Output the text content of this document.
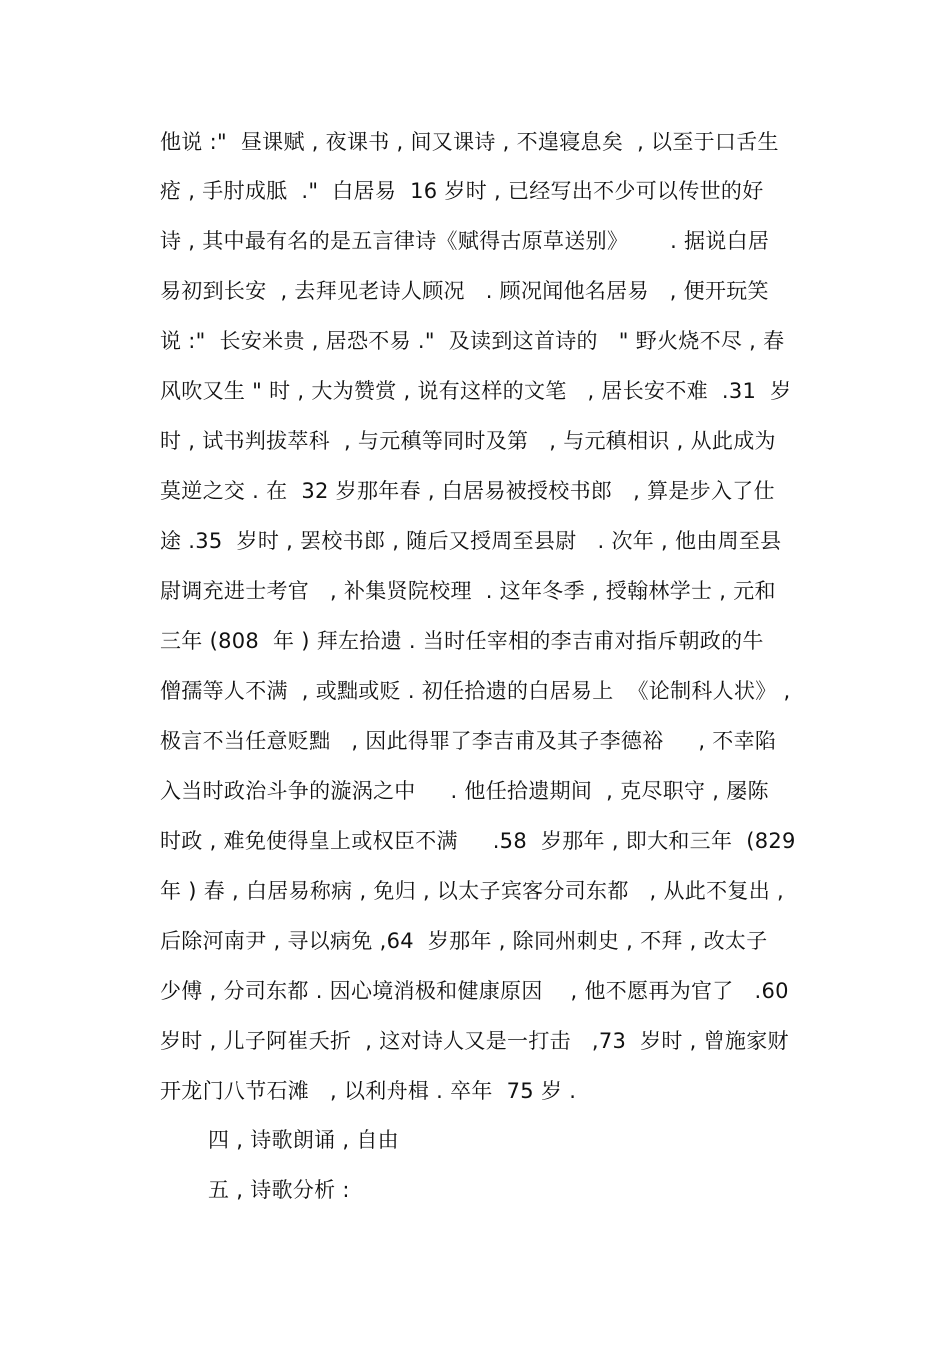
他说 :"  昼课赋 , 夜课书 , 间又课诗 , 不遑寝息矣  , 以至于口舌生
疮 , 手肘成胝  ."  白居易  16 岁时 , 已经写出不少可以传世的好
诗 , 其中最有名的是五言律诗《赋得古原草送别》      . 据说白居
易初到长安  , 去拜见老诗人顾况   . 顾况闻他名居易   , 便开玩笑
说 :"  长安米贵 , 居恐不易 ."  及读到这首诗的   " 野火烧不尽 , 春
风吹又生 " 时 , 大为赞赏 , 说有这样的文笔   , 居长安不难  .31  岁
时 , 试书判拔萃科  , 与元稹等同时及第   , 与元稹相识 , 从此成为
莫逆之交 . 在  32 岁那年春 , 白居易被授校书郎   , 算是步入了仕
途 .35  岁时 , 罢校书郎 , 随后又授周至县尉   . 次年 , 他由周至县
尉调充进士考官   , 补集贤院校理  . 这年冬季 , 授翰林学士 , 元和
三年 (808  年 ) 拜左拾遗 . 当时任宰相的李吉甫对指斥朝政的牛
僧孺等人不满  , 或黜或贬 . 初任拾遗的白居易上  《论制科人状》 ,
极言不当任意贬黜   , 因此得罪了李吉甫及其子李德裕     , 不幸陷
入当时政治斗争的漩涡之中     . 他任拾遗期间  , 克尽职守 , 屡陈
时政 , 难免使得皇上或权臣不满     .58  岁那年 , 即大和三年  (829
年 ) 春 , 白居易称病 , 免归 , 以太子宾客分司东都   , 从此不复出 ,
后除河南尹 , 寻以病免 ,64  岁那年 , 除同州刺史 , 不拜 , 改太子
少傅 , 分司东都 . 因心境消极和健康原因    , 他不愿再为官了   .60
岁时 , 儿子阿崔夭折  , 这对诗人又是一打击   ,73  岁时 , 曾施家财
开龙门八节石滩   , 以利舟楫 . 卒年  75 岁 .
四 , 诗歌朗诵 , 自由
五 , 诗歌分析 :
